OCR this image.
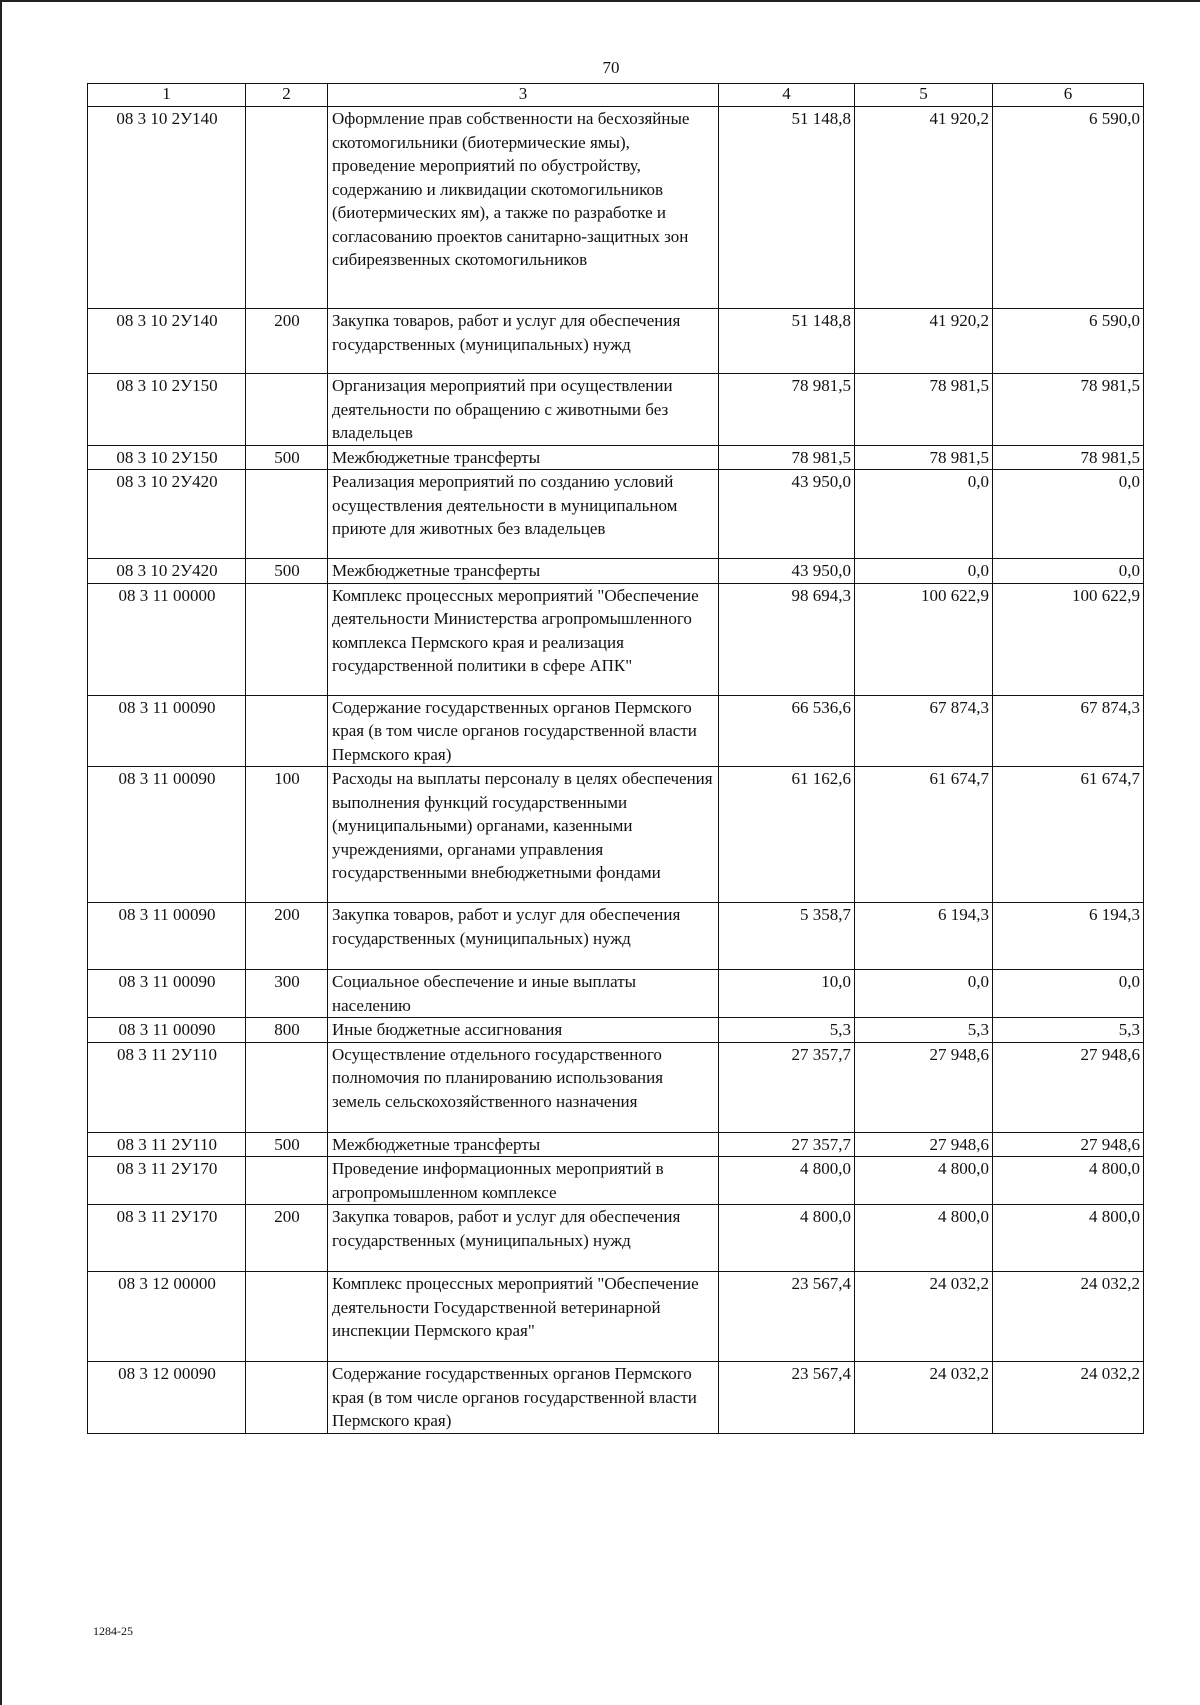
70
1	2	3	4	5	6
08 3 10 2У140		Оформление прав собственности на бесхозяйные скотомогильники (биотермические ямы), проведение мероприятий по обустройству, содержанию и ликвидации скотомогильников (биотермических ям), а также по разработке и согласованию проектов санитарно-защитных зон сибиреязвенных скотомогильников	51 148,8	41 920,2	6 590,0
08 3 10 2У140	200	Закупка товаров, работ и услуг для обеспечения государственных (муниципальных) нужд	51 148,8	41 920,2	6 590,0
08 3 10 2У150		Организация мероприятий при осуществлении деятельности по обращению с животными без владельцев	78 981,5	78 981,5	78 981,5
08 3 10 2У150	500	Межбюджетные трансферты	78 981,5	78 981,5	78 981,5
08 3 10 2У420		Реализация мероприятий по созданию условий осуществления деятельности в муниципальном приюте для животных без владельцев	43 950,0	0,0	0,0
08 3 10 2У420	500	Межбюджетные трансферты	43 950,0	0,0	0,0
08 3 11 00000		Комплекс процессных мероприятий "Обеспечение деятельности Министерства агропромышленного комплекса Пермского края и реализация государственной политики в сфере АПК"	98 694,3	100 622,9	100 622,9
08 3 11 00090		Содержание государственных органов Пермского края (в том числе органов государственной власти Пермского края)	66 536,6	67 874,3	67 874,3
08 3 11 00090	100	Расходы на выплаты персоналу в целях обеспечения выполнения функций государственными (муниципальными) органами, казенными учреждениями, органами управления государственными внебюджетными фондами	61 162,6	61 674,7	61 674,7
08 3 11 00090	200	Закупка товаров, работ и услуг для обеспечения государственных (муниципальных) нужд	5 358,7	6 194,3	6 194,3
08 3 11 00090	300	Социальное обеспечение и иные выплаты населению	10,0	0,0	0,0
08 3 11 00090	800	Иные бюджетные ассигнования	5,3	5,3	5,3
08 3 11 2У110		Осуществление отдельного государственного полномочия по планированию использования земель сельскохозяйственного назначения	27 357,7	27 948,6	27 948,6
08 3 11 2У110	500	Межбюджетные трансферты	27 357,7	27 948,6	27 948,6
08 3 11 2У170		Проведение информационных мероприятий в агропромышленном комплексе	4 800,0	4 800,0	4 800,0
08 3 11 2У170	200	Закупка товаров, работ и услуг для обеспечения государственных (муниципальных) нужд	4 800,0	4 800,0	4 800,0
08 3 12 00000		Комплекс процессных мероприятий "Обеспечение деятельности Государственной ветеринарной инспекции Пермского края"	23 567,4	24 032,2	24 032,2
08 3 12 00090		Содержание государственных органов Пермского края (в том числе органов государственной власти Пермского края)	23 567,4	24 032,2	24 032,2
1284-25
